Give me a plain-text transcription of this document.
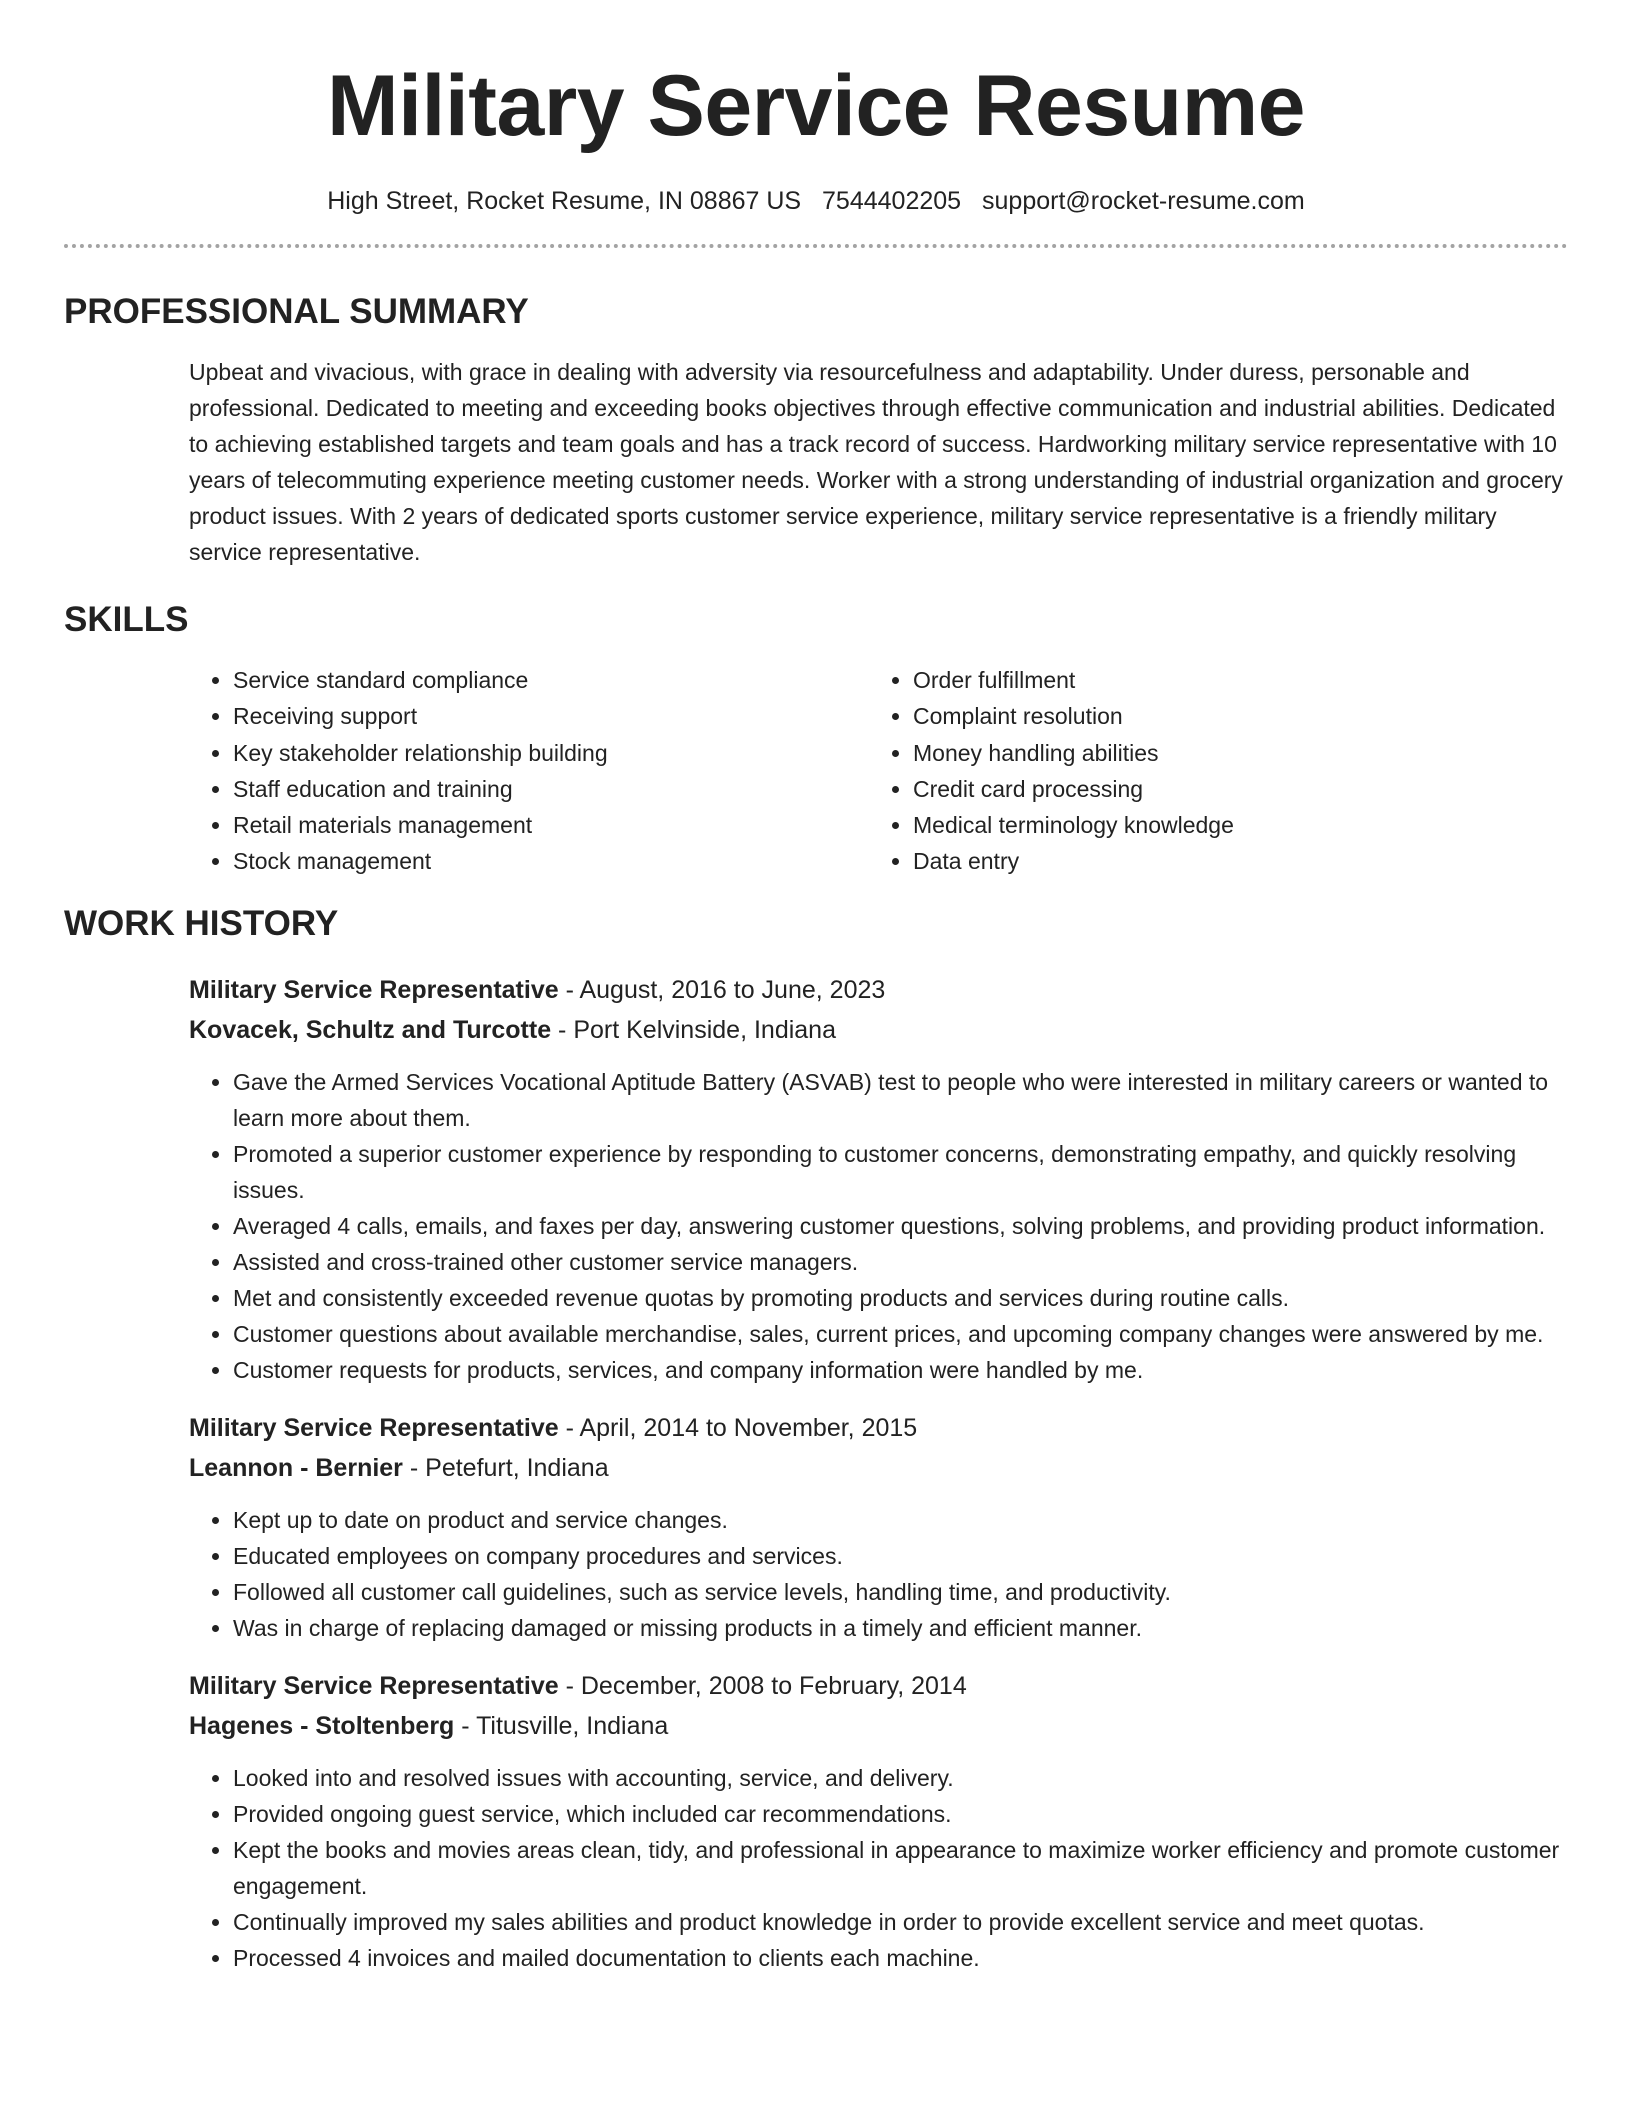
Military Service Resume
High Street, Rocket Resume, IN 08867 US 7544402205 support@rocket-resume.com
PROFESSIONAL SUMMARY

Upbeat and vivacious, with grace in dealing with adversity via resourcefulness and adaptability. Under duress, personable and professional. Dedicated to meeting and exceeding books objectives through effective communication and industrial abilities. Dedicated to achieving established targets and team goals and has a track record of success. Hardworking military service representative with 10 years of telecommuting experience meeting customer needs. Worker with a strong understanding of industrial organization and grocery product issues. With 2 years of dedicated sports customer service experience, military service representative is a friendly military service representative.

SKILLS
• Service standard compliance
• Receiving support
• Key stakeholder relationship building
• Staff education and training
• Retail materials management
• Stock management
• Order fulfillment
• Complaint resolution
• Money handling abilities
• Credit card processing
• Medical terminology knowledge
• Data entry
WORK HISTORY
Military Service Representative - August, 2016 to June, 2023
Kovacek, Schultz and Turcotte - Port Kelvinside, Indiana
• Gave the Armed Services Vocational Aptitude Battery (ASVAB) test to people who were interested in military careers or wanted to learn more about them.
• Promoted a superior customer experience by responding to customer concerns, demonstrating empathy, and quickly resolving issues.
• Averaged 4 calls, emails, and faxes per day, answering customer questions, solving problems, and providing product information.
• Assisted and cross-trained other customer service managers.
• Met and consistently exceeded revenue quotas by promoting products and services during routine calls.
• Customer questions about available merchandise, sales, current prices, and upcoming company changes were answered by me.
• Customer requests for products, services, and company information were handled by me.
Military Service Representative - April, 2014 to November, 2015
Leannon - Bernier - Petefurt, Indiana
• Kept up to date on product and service changes.
• Educated employees on company procedures and services.
• Followed all customer call guidelines, such as service levels, handling time, and productivity.
• Was in charge of replacing damaged or missing products in a timely and efficient manner.
Military Service Representative - December, 2008 to February, 2014
Hagenes - Stoltenberg - Titusville, Indiana
• Looked into and resolved issues with accounting, service, and delivery.
• Provided ongoing guest service, which included car recommendations.
• Kept the books and movies areas clean, tidy, and professional in appearance to maximize worker efficiency and promote customer engagement.
• Continually improved my sales abilities and product knowledge in order to provide excellent service and meet quotas.
• Processed 4 invoices and mailed documentation to clients each machine.
